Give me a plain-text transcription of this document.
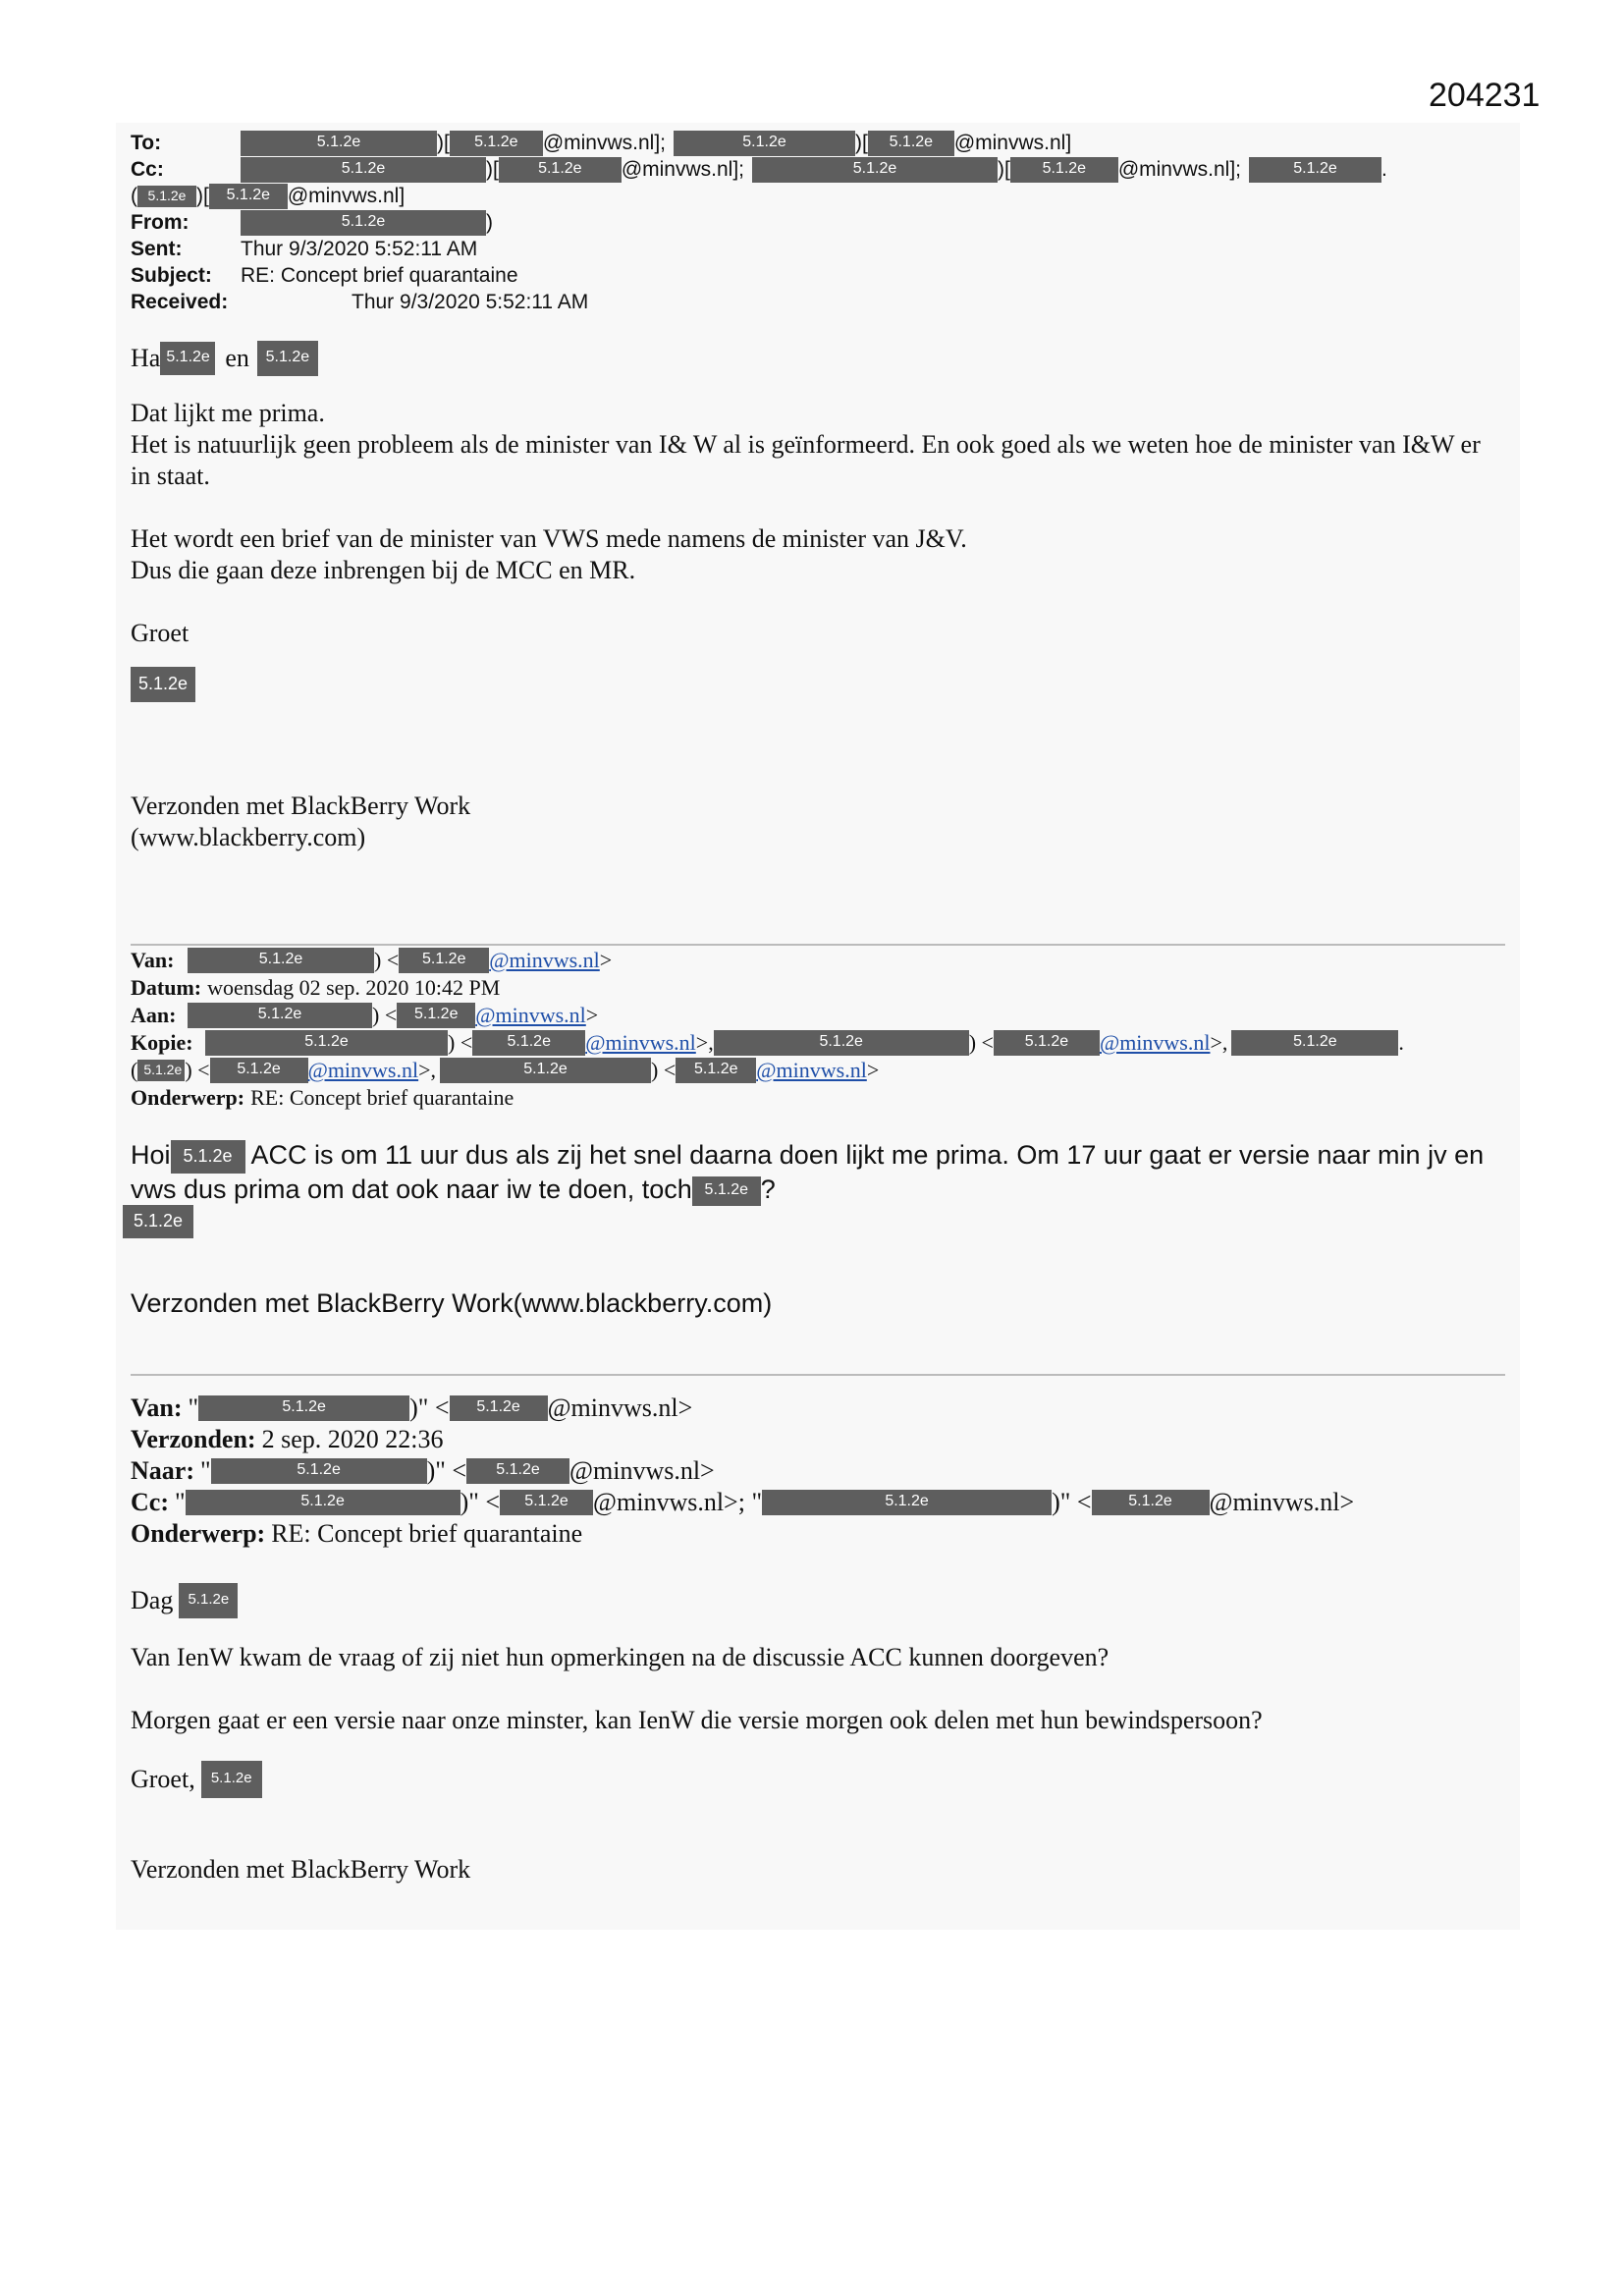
204231
To:	5.1.2e	)[	5.1.2e	@minvws.nl];	5.1.2e	)[	5.1.2e	@minvws.nl]
Cc:	5.1.2e	)[	5.1.2e	@minvws.nl];	5.1.2e	)[	5.1.2e	@minvws.nl];	5.1.2e	.
( 5.1.2e )[	5.1.2e @minvws.nl]
From:	5.1.2e	)
Sent:	Thur 9/3/2020 5:52:11 AM
Subject:	RE: Concept brief quarantaine
Received:	Thur 9/3/2020 5:52:11 AM

Ha 5.1.2e en	5.1.2e

Dat lijkt me prima.

Het is natuurlijk geen probleem als de minister van I& W al is geïnformeerd. En ook goed als we weten hoe de minister van I&W er in staat.

Het wordt een brief van de minister van VWS mede namens de minister van J&V.

Dus die gaan deze inbrengen bij de MCC en MR.

Groet

5.1.2e

Verzonden met BlackBerry Work

(www.blackberry.com)

Van:	5.1.2e	) <	5.1.2e	@minvws.nl >
Datum: woensdag 02 sep. 2020 10:42 PM
Aan:	5.1.2e	) <	5.1.2e @minvws.nl >
Kopie:	5.1.2e	) <	5.1.2e	@minvws.nl >,	5.1.2e	) <	5.1.2e	@minvws.nl >,	5.1.2e	.
( 5.1.2e ) <	5.1.2e	@minvws.nl >,	5.1.2e	) <	5.1.2e @minvws.nl >
Onderwerp: RE: Concept brief quarantaine

Hoi 5.1.2e ACC is om 11 uur dus als zij het snel daarna doen lijkt me prima. Om 17 uur gaat er versie naar min jv en vws dus prima om dat ook naar iw te doen, toch 5.1.2e ?

5.1.2e

Verzonden met BlackBerry Work(www.blackberry.com)

Van: "	5.1.2e	)" <	5.1.2e	@minvws.nl>
Verzonden: 2 sep. 2020 22:36
Naar: "	5.1.2e	)" <	5.1.2e	@minvws.nl>
Cc: "	5.1.2e	)" <	5.1.2e @minvws.nl>; "	5.1.2e	)" <	5.1.2e	@minvws.nl>
Onderwerp: RE: Concept brief quarantaine

Dag	5.1.2e

Van IenW kwam de vraag of zij niet hun opmerkingen na de discussie ACC kunnen doorgeven?

Morgen gaat er een versie naar onze minster, kan IenW die versie morgen ook delen met hun bewindspersoon?

Groet,	5.1.2e

Verzonden met BlackBerry Work
